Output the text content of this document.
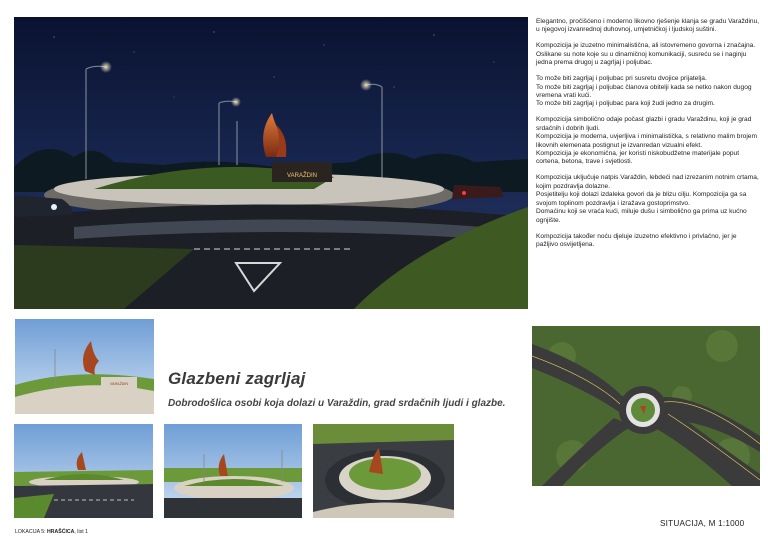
VARAŽDIN

Elegantno, pročišćeno i moderno likovno rješenje klanja se gradu Varaždinu, u njegovoj izvanrednoj duhovnoj, umjetničkoj i ljudskoj suštini.

Kompozicija je izuzetno minimalistična, ali istovremeno govorna i značajna. Oslikane su note koje su u dinamičnoj komunikaciji, susreću se i naginju jedna prema drugoj u zagrljaj i poljubac.

To može biti zagrljaj i poljubac pri susretu dvojice prijatelja.
To može biti zagrljaj i poljubac članova obitelji kada se netko nakon dugog vremena vrati kući.
To može biti zagrljaj i poljubac para koji žudi jedno za drugim.

Kompozicija simbolično odaje počast glazbi i gradu Varaždinu, koji je grad srdačnih i dobrih ljudi.
Kompozicija je moderna, uvjerljiva i minimalistička, s relativno malim brojem likovnih elemenata postignut je izvanredan vizualni efekt.
Kompozicija je ekonomična, jer koristi niskobudžetne materijale poput cortena, betona, trave i svjetlosti.

Kompozicija uključuje natpis Varaždin, lebdeći nad izrezanim notnim crtama, kojim pozdravlja dolazne.
Posjetitelju koji dolazi izdaleka govori da je blizu cilju. Kompozicija ga sa svojom toplinom pozdravlja i izražava gostoprimstvo.
Domaćinu koji se vraća kući, miluje dušu i simbolično ga prima uz kućno ognjište.

Kompozicija također noću djeluje izuzetno efektivno i privlačno, jer je pažljivo osvijetljena.

VARAŽDIN Glazbeni zagrljaj
Dobrodošlica osobi koja dolazi u Varaždin, grad srdačnih ljudi i glazbe.
SITUACIJA, M 1:1000
LOKACIJA 5: HRAŠĆICA, list 1
